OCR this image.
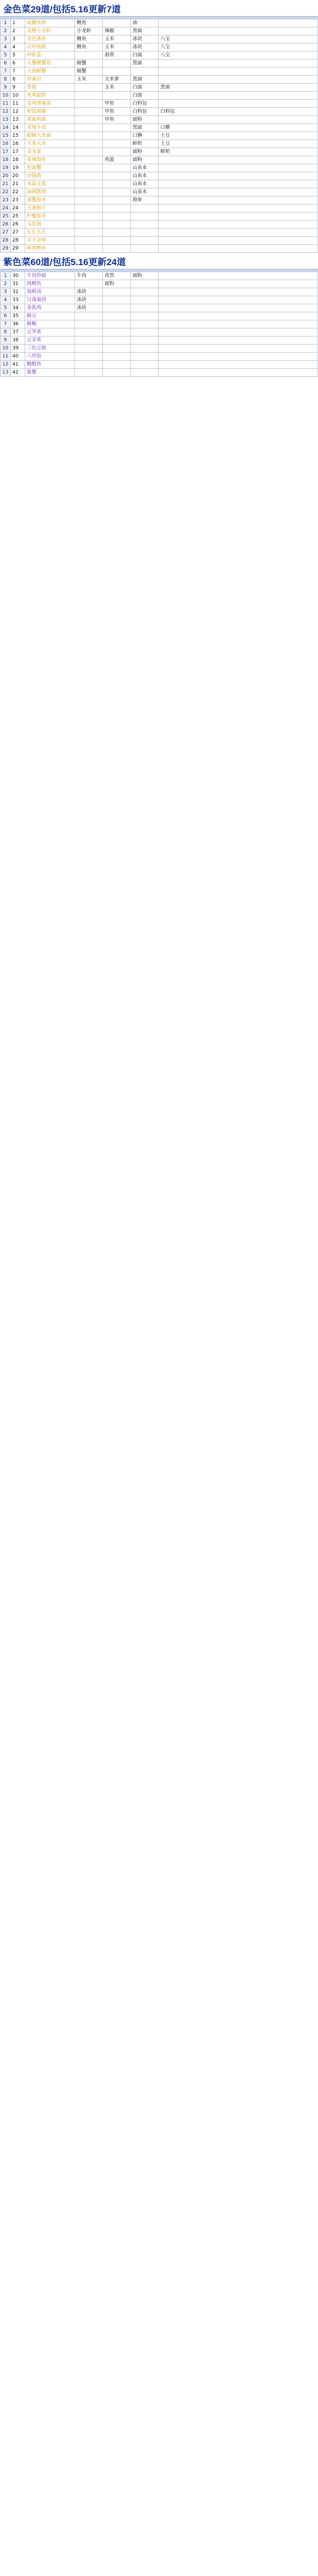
金色菜29道/包括5.16更新7道
1	1	前腿鱼排	鲤鱼		油	
2	2	金楂小龙虾	小龙虾	辣椒	黑面	
3	3	金色蒸鱼	鲤鱼	玉米	冰块	八宝
4	4	百珍鱼糕	鲤鱼	玉米	冰块	八宝
5	5	炒虾盖		海带	白面	八宝
6	6	大蟹稀蟹卷	螃蟹		黑面	
7	7	大海鲜蟹	螃蟹			
8	8	炒番田	玉米	大米萝	黑面	
9	9	香烧		玉米	白面	黑面
10	10	鱼鸡混拼			白面	
11	11	金鸡领袖雷		甲鱼	白料包	
12	12	和饭面爆		甲鱼	白料包	白料包
13	13	黄面鸡面		甲鱼	面粉	
14	14	雪地牛尾			黑面	口蘑
15	15	蛤蜊大米面			口蘑	土豆
16	16	天香大米			鲜奶	土豆
17	17	金龙蛋			面粉	鲜奶
18	18	香辣海鱼		鸡蛋	面粉	
19	19	豹面蟹			山泉水	
20	20	沙锅鸽			山泉水	
21	21	水晶玉莲			山泉水	
22	22	油焖酱烧			山泉水	
23	23	深蟹海米			海参	
24	24	夫妻肺片				
25	25	柠檬果香				
26	26	乌发锅				
27	27	长长久久				
28	28	羊羊美味				
29	29	鲜蒸鲤鱼				
紫色菜60道/包括5.16更新24道
1	30	牛肉炒面	牛肉	孜然	面粉	
2	31	炖鲤鱼		面粉		
3	32	海鲜汤	冰块			
4	33	日落面团	冰块			
5	34	香焦鸡	冰块			
6	35	酥豆				
7	36	酥鲍				
8	37	豆笋菜				
9	38	豆芽菜				
10	39	三色豆腐				
11	40	八珍饭				
12	41	糖醋鱼				
13	42	紫蟹				
